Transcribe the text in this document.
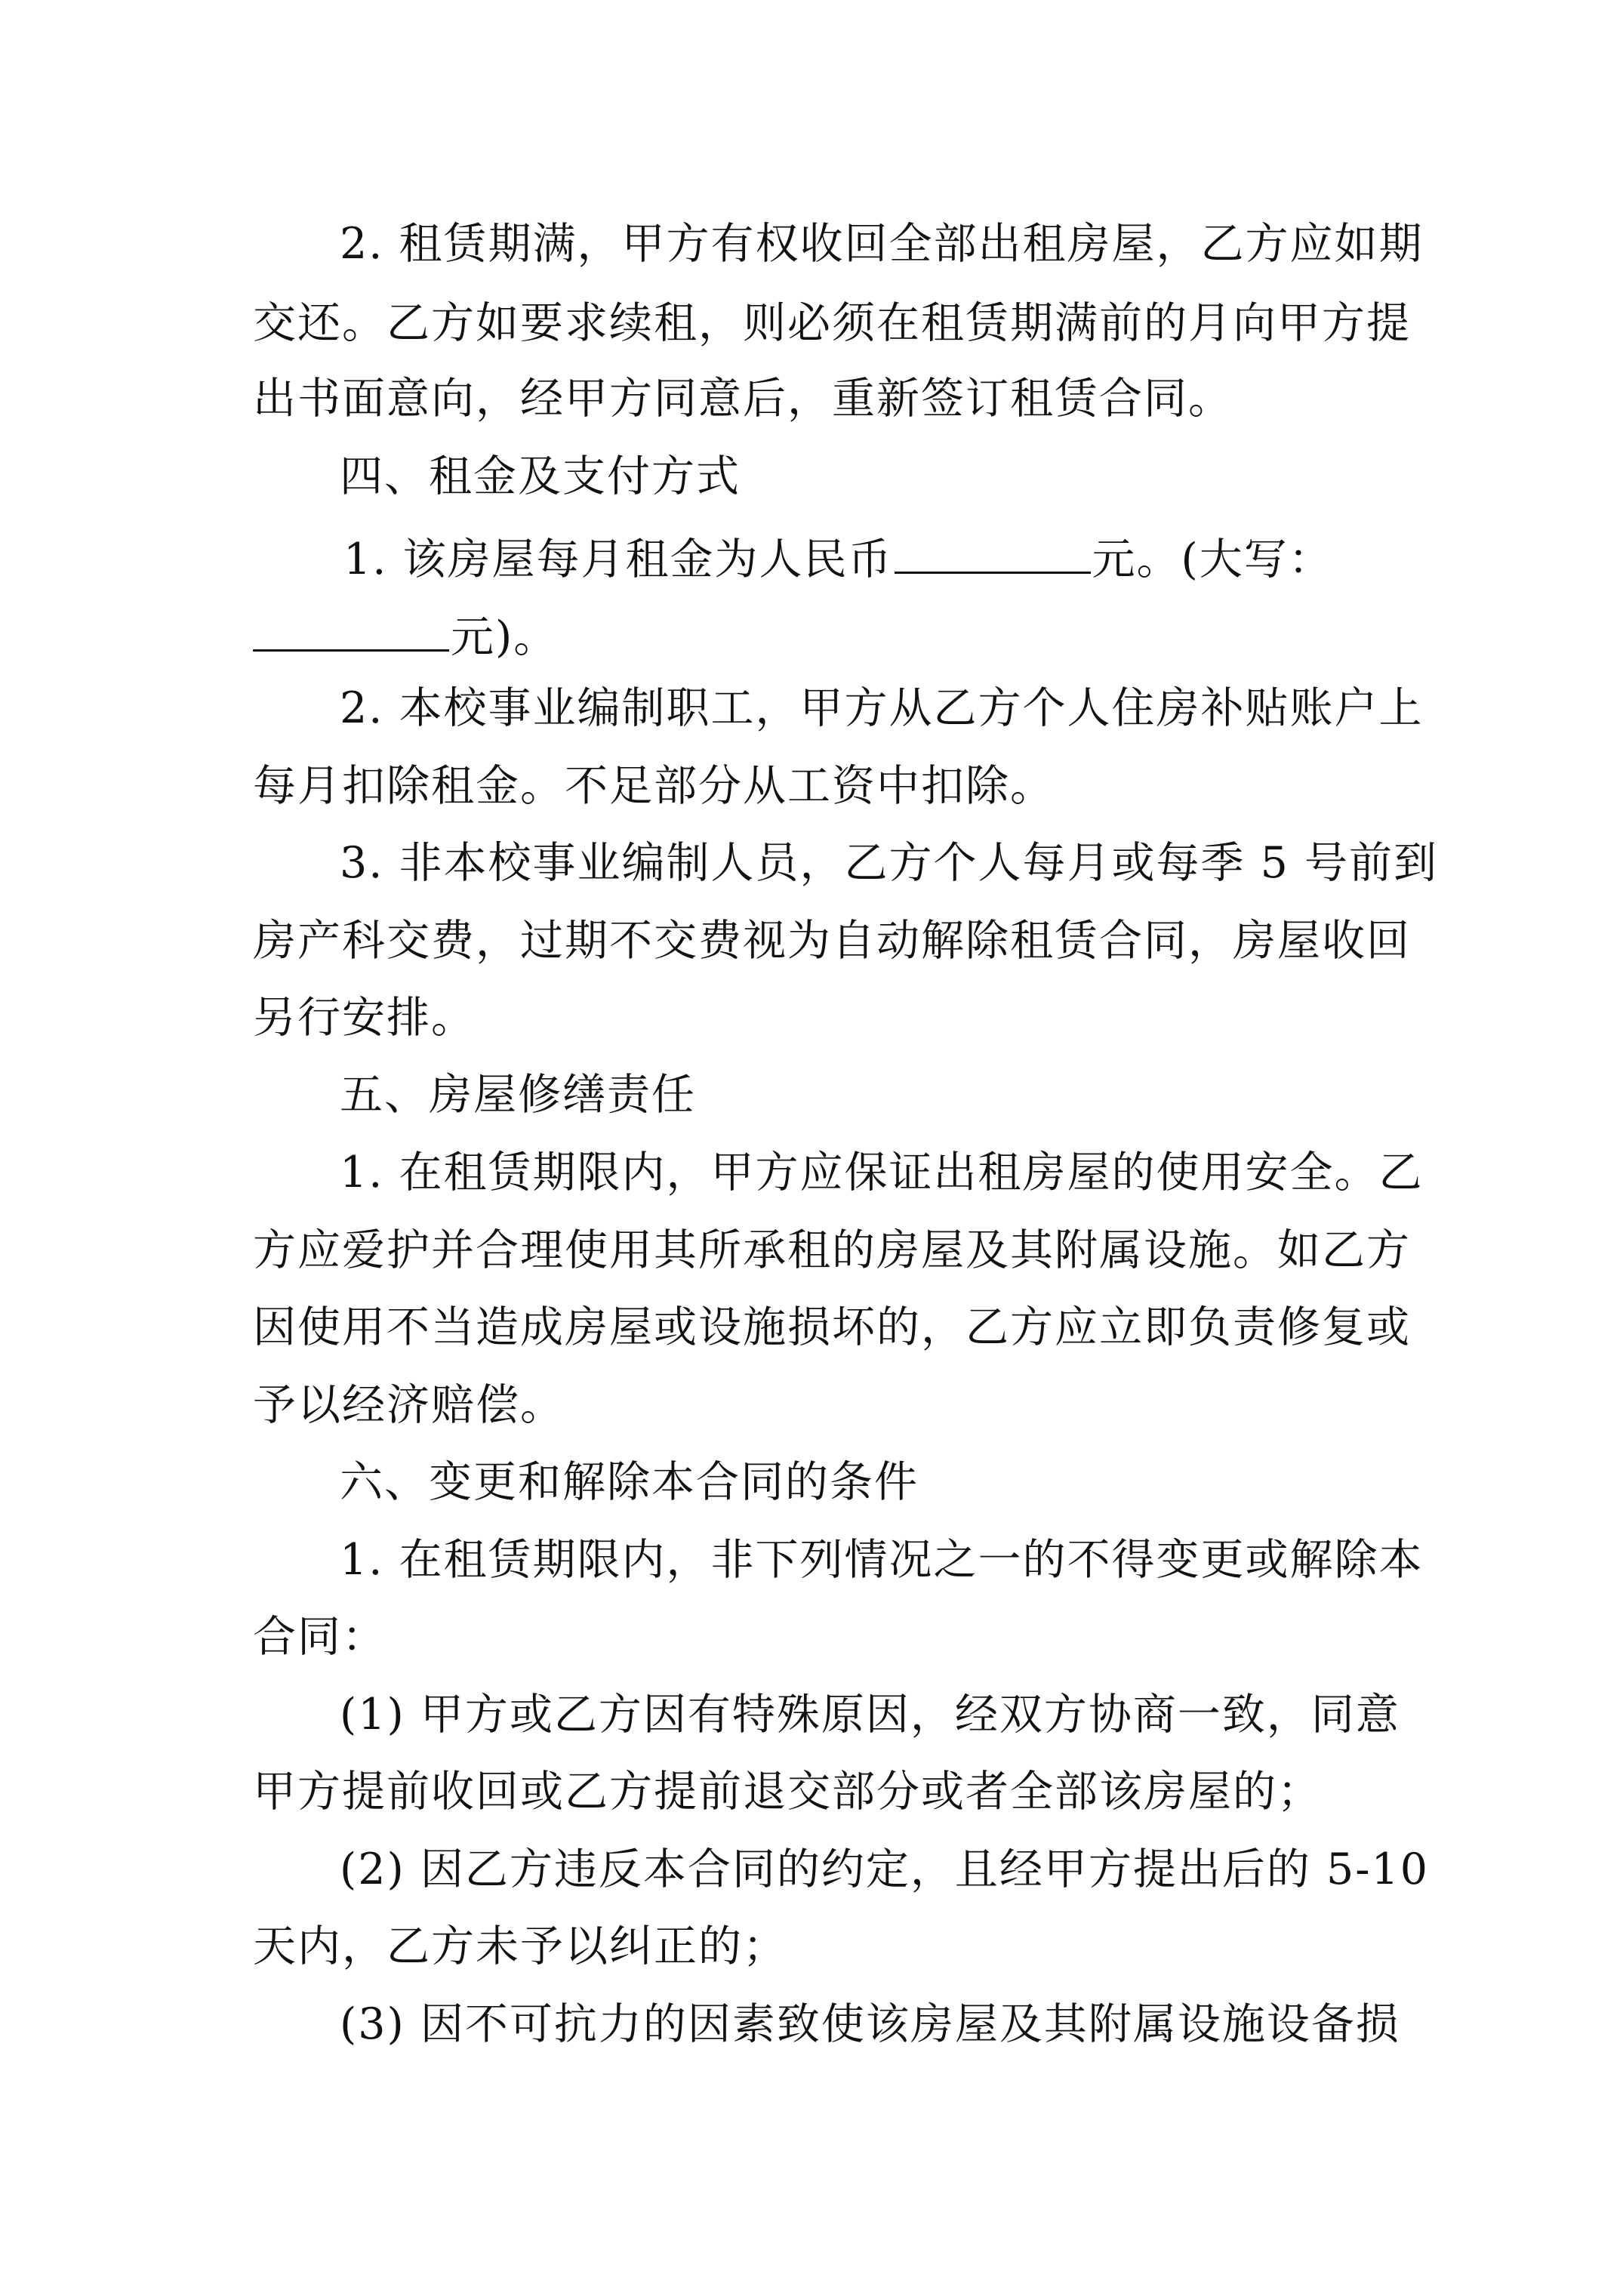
2. 租赁期满，甲方有权收回全部出租房屋，乙方应如期
交还。乙方如要求续租，则必须在租赁期满前的月向甲方提
出书面意向，经甲方同意后，重新签订租赁合同。
四、租金及支付方式
1. 该房屋每月租金为人民币	元。(大写：
元)。
2. 本校事业编制职工，甲方从乙方个人住房补贴账户上
每月扣除租金。不足部分从工资中扣除。
3. 非本校事业编制人员，乙方个人每月或每季 5 号前到
房产科交费，过期不交费视为自动解除租赁合同，房屋收回
另行安排。
五、房屋修缮责任
1. 在租赁期限内，甲方应保证出租房屋的使用安全。乙
方应爱护并合理使用其所承租的房屋及其附属设施。如乙方
因使用不当造成房屋或设施损坏的，乙方应立即负责修复或
予以经济赔偿。
六、变更和解除本合同的条件
1. 在租赁期限内，非下列情况之一的不得变更或解除本
合同：
(1) 甲方或乙方因有特殊原因，经双方协商一致，同意
甲方提前收回或乙方提前退交部分或者全部该房屋的；
(2) 因乙方违反本合同的约定，且经甲方提出后的 5-10
天内，乙方未予以纠正的；
(3) 因不可抗力的因素致使该房屋及其附属设施设备损
